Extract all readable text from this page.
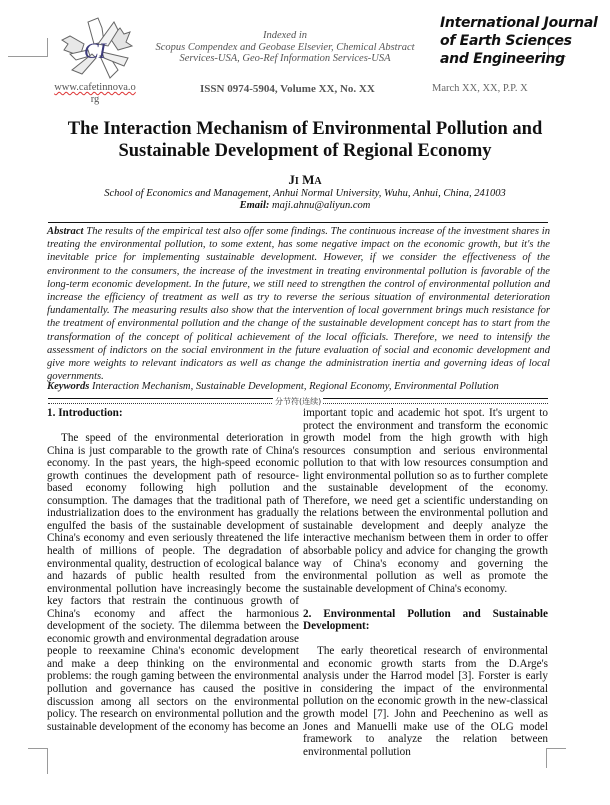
CI
www.cafetinnova.o
rg
Indexed in
Scopus Compendex and Geobase Elsevier, Chemical Abstract
Services-USA, Geo-Ref Information Services-USA
ISSN 0974-5904, Volume XX, No. XX	March XX, XX, P.P. X
International Journal
of Earth Sciences
and Engineering
The Interaction Mechanism of Environmental Pollution and
Sustainable Development of Regional Economy
JI MA
School of Economics and Management, Anhui Normal University, Wuhu, Anhui, China, 241003
Email: maji.ahnu@aliyun.com
Abstract The results of the empirical test also offer some findings. The continuous increase of the investment shares in treating the environmental pollution, to some extent, has some negative impact on the economic growth, but it's the inevitable price for implementing sustainable development. However, if we consider the effectiveness of the environment to the consumers, the increase of the investment in treating environmental pollution is favorable of the long-term economic development. In the future, we still need to strengthen the control of environmental pollution and increase the efficiency of treatment as well as try to reverse the serious situation of environmental deterioration fundamentally. The measuring results also show that the intervention of local government brings much resistance for the treatment of environmental pollution and the change of the sustainable development concept has to start from the transformation of the concept of political achievement of the local officials. Therefore, we need to intensify the assessment of indictors on the social environment in the future evaluation of social and economic development and give more weights to relevant indicators as well as change the administration inertia and governing ideas of local governments.
Keywords Interaction Mechanism, Sustainable Development, Regional Economy, Environmental Pollution
分节符(连续)
1. Introduction:

The speed of the environmental deterioration in China is just comparable to the growth rate of China's economy. In the past years, the high-speed economic growth continues the development path of resource-based economy following high pollution and consumption. The damages that the traditional path of industrialization does to the environment has gradually engulfed the basis of the sustainable development of China's economy and even seriously threatened the life health of millions of people. The degradation of environmental quality, destruction of ecological balance and hazards of public health resulted from the environmental pollution have increasingly become the key factors that restrain the continuous growth of China's economy and affect the harmonious development of the society. The dilemma between the economic growth and environmental degradation arouse people to reexamine China's economic development and make a deep thinking on the environmental problems: the rough gaming between the environmental pollution and governance has caused the positive discussion among all sectors on the environmental policy. The research on environmental pollution and the sustainable development of the economy has become an

important topic and academic hot spot. It's urgent to protect the environment and transform the economic growth model from the high growth with high resources consumption and serious environmental pollution to that with low resources consumption and light environmental pollution so as to further complete the sustainable development of the economy. Therefore, we need get a scientific understanding on the relations between the environmental pollution and sustainable development and deeply analyze the interactive mechanism between them in order to offer absorbable policy and advice for changing the growth way of China's economy and governing the environmental pollution as well as promote the sustainable development of China's economy.

2. Environmental Pollution and Sustainable Development:

The early theoretical research of environmental and economic growth starts from the D.Arge's analysis under the Harrod model [3]. Forster is early in considering the impact of the environmental pollution on the economic growth in the new-classical growth model [7]. John and Peechenino as well as Jones and Manuelli make use of the OLG model framework to analyze the relation between environmental pollution
